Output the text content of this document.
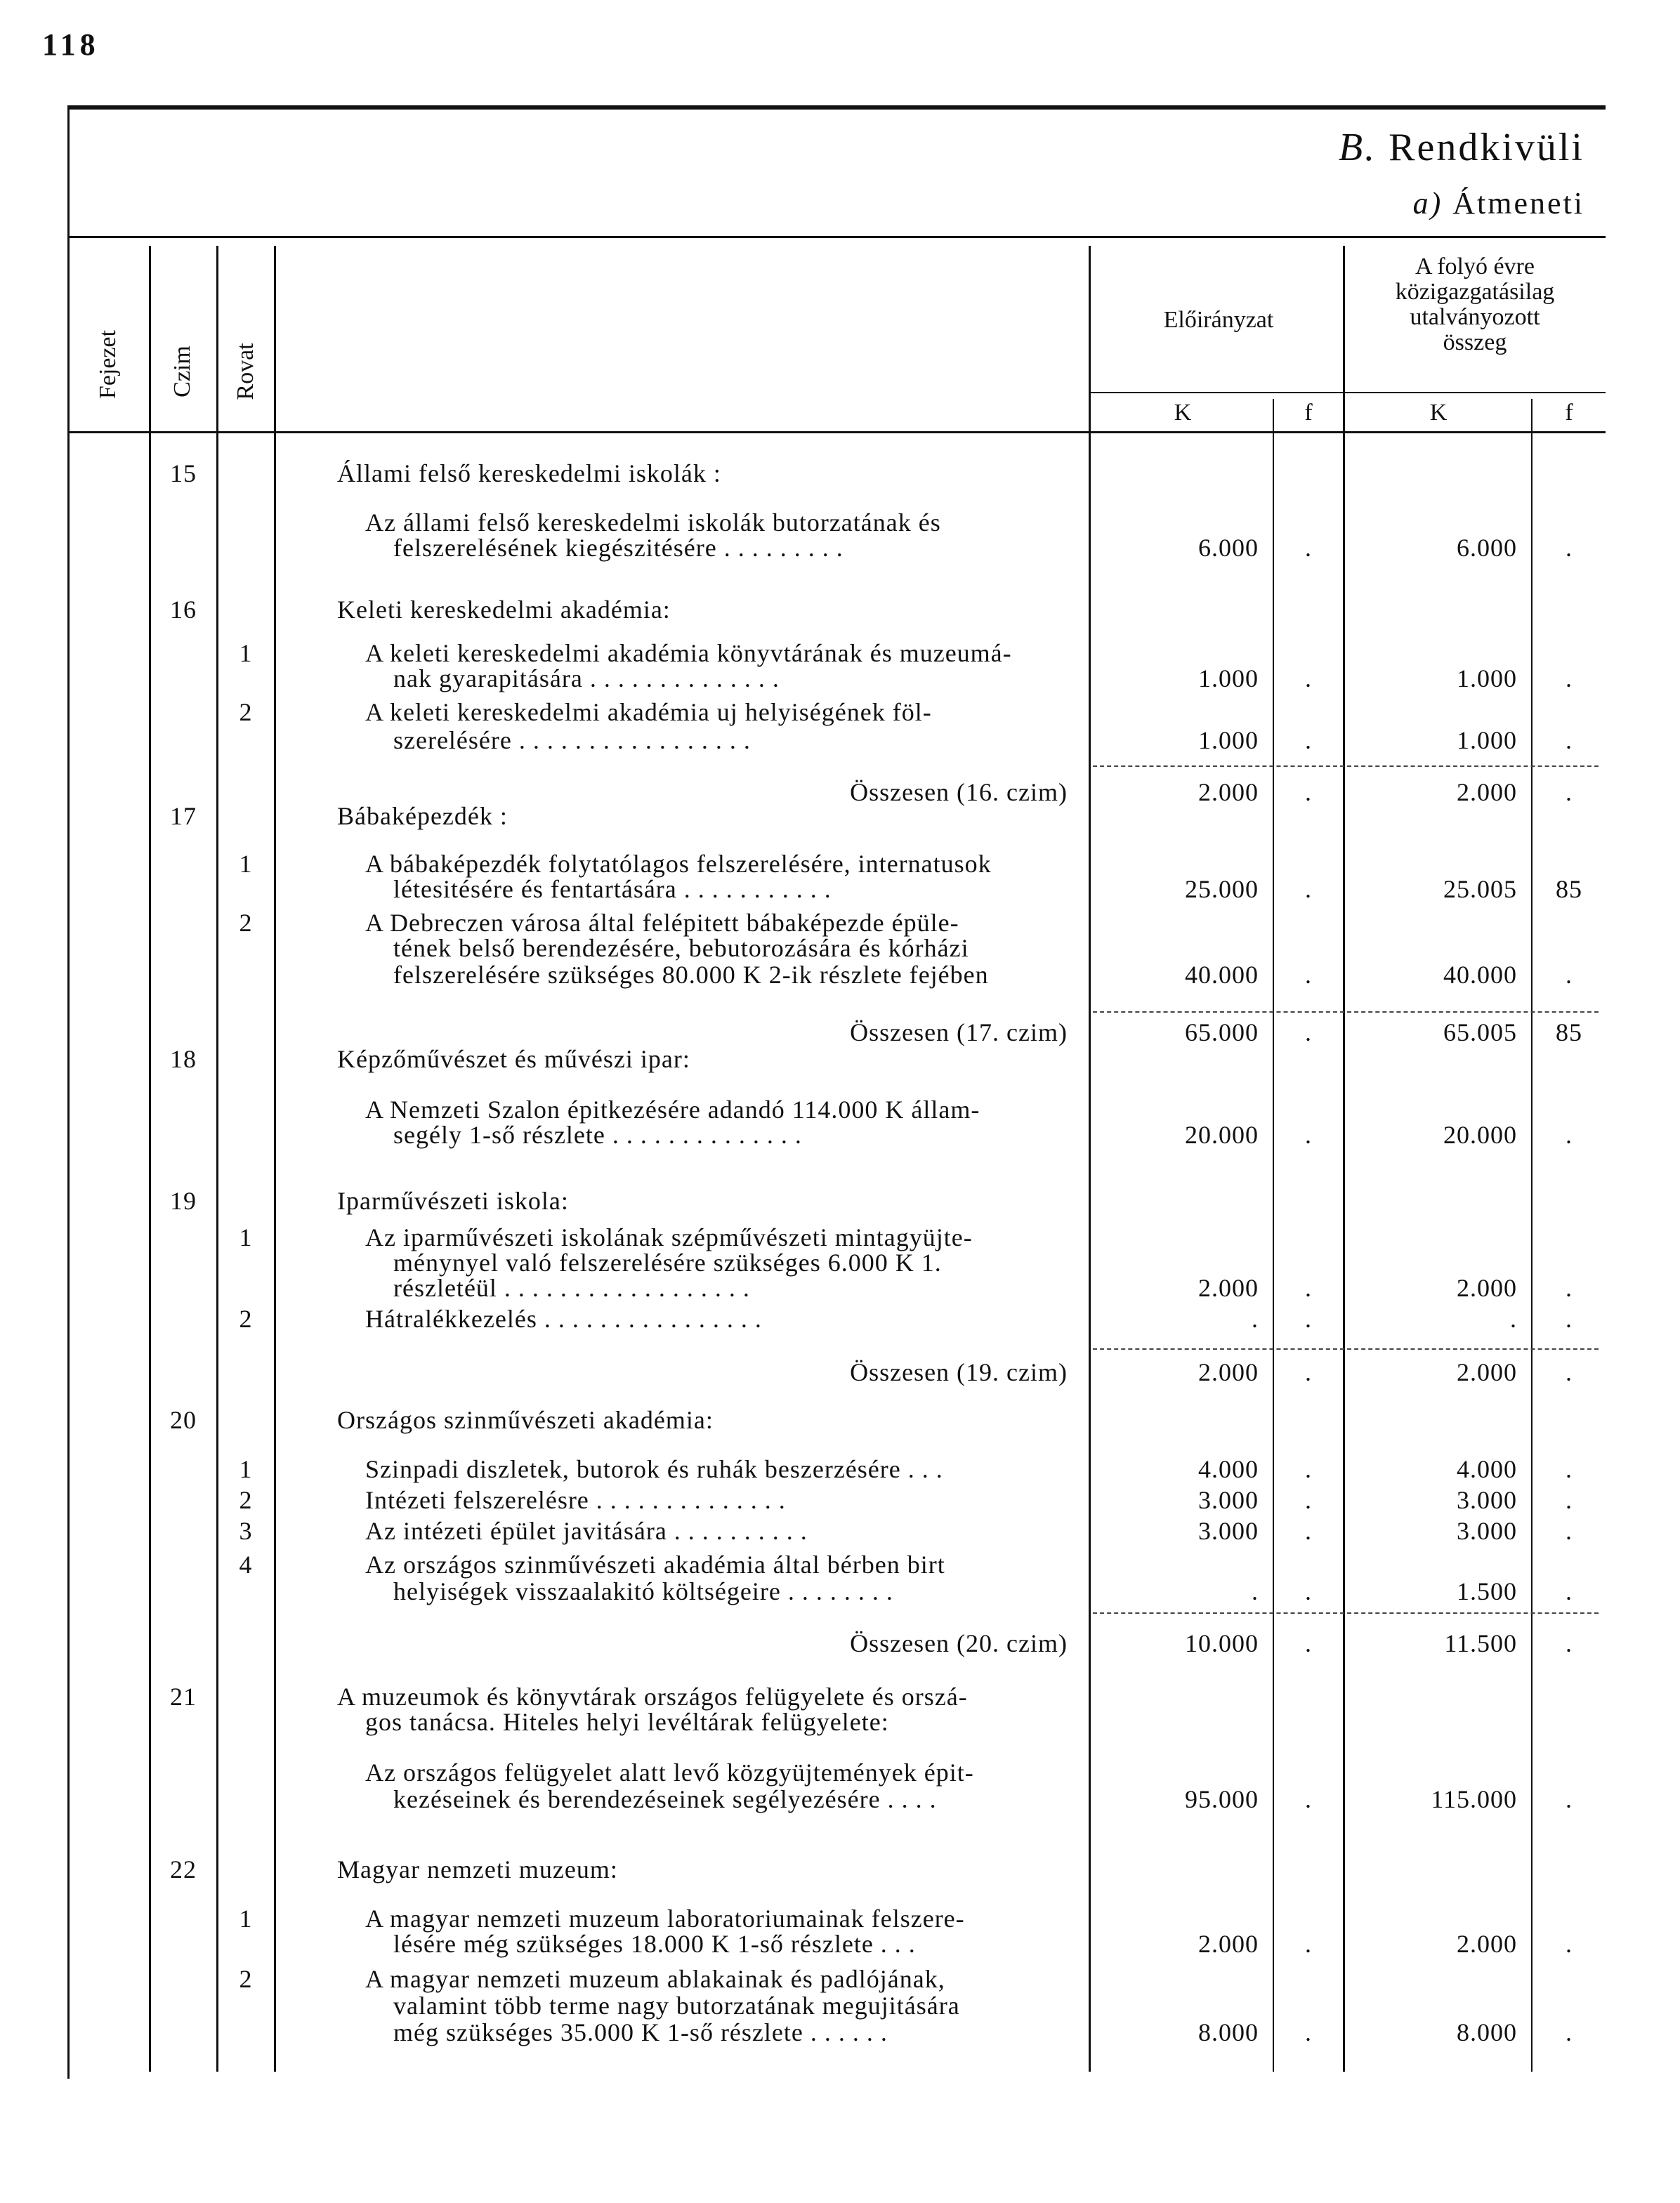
118
B. Rendkivüli
a) Átmeneti
Fejezet Czim Rovat
Előirányzat
A folyó évre
közigazgatásilag
utalványozott
összeg
K	f	K	f
15	Állami felső kereskedelmi iskolák :
Az állami felső kereskedelmi iskolák butorzatának és
felszerelésének kiegészitésére . . . . . . . . .	6.000	.	6.000	.
16	Keleti kereskedelmi akadémia:
1	A keleti kereskedelmi akadémia könyvtárának és muzeumá-
nak gyarapitására . . . . . . . . . . . . . .	1.000	.	1.000	.
2	A keleti kereskedelmi akadémia uj helyiségének föl-
szerelésére . . . . . . . . . . . . . . . . .	1.000	.	1.000	.
Összesen (16. czim)	2.000	.	2.000	.
17	Bábaképezdék :
1	A bábaképezdék folytatólagos felszerelésére, internatusok
létesitésére és fentartására . . . . . . . . . . .	25.000	.	25.005	85
2	A Debreczen városa által felépitett bábaképezde épüle-
tének belső berendezésére, bebutorozására és kórházi
felszerelésére szükséges 80.000 K 2-ik részlete fejében	40.000	.	40.000	.
Összesen (17. czim)	65.000	.	65.005	85
18	Képzőművészet és művészi ipar:
A Nemzeti Szalon épitkezésére adandó 114.000 K állam-
segély 1-ső részlete . . . . . . . . . . . . . .	20.000	.	20.000	.
19	Iparművészeti iskola:
1	Az iparművészeti iskolának szépművészeti mintagyüjte-
ménynyel való felszerelésére szükséges 6.000 K 1.
részletéül . . . . . . . . . . . . . . . . . .	2.000	.	2.000	.
2	Hátralékkezelés . . . . . . . . . . . . . . . .	.	.	.	.
Összesen (19. czim)	2.000	.	2.000	.
20	Országos szinművészeti akadémia:
1	Szinpadi diszletek, butorok és ruhák beszerzésére . . .	4.000	.	4.000	.
2	Intézeti felszerelésre . . . . . . . . . . . . . .	3.000	.	3.000	.
3	Az intézeti épület javitására . . . . . . . . . .	3.000	.	3.000	.
4	Az országos szinművészeti akadémia által bérben birt
helyiségek visszaalakitó költségeire . . . . . . . .	.	.	1.500	.
Összesen (20. czim)	10.000	.	11.500	.
21	A muzeumok és könyvtárak országos felügyelete és orszá-
gos tanácsa. Hiteles helyi levéltárak felügyelete:
Az országos felügyelet alatt levő közgyüjtemények épit-
kezéseinek és berendezéseinek segélyezésére . . . .	95.000	.	115.000	.
22	Magyar nemzeti muzeum:
1	A magyar nemzeti muzeum laboratoriumainak felszere-
lésére még szükséges 18.000 K 1-ső részlete . . .	2.000	.	2.000	.
2	A magyar nemzeti muzeum ablakainak és padlójának,
valamint több terme nagy butorzatának megujitására
még szükséges 35.000 K 1-ső részlete . . . . . .	8.000	.	8.000	.
